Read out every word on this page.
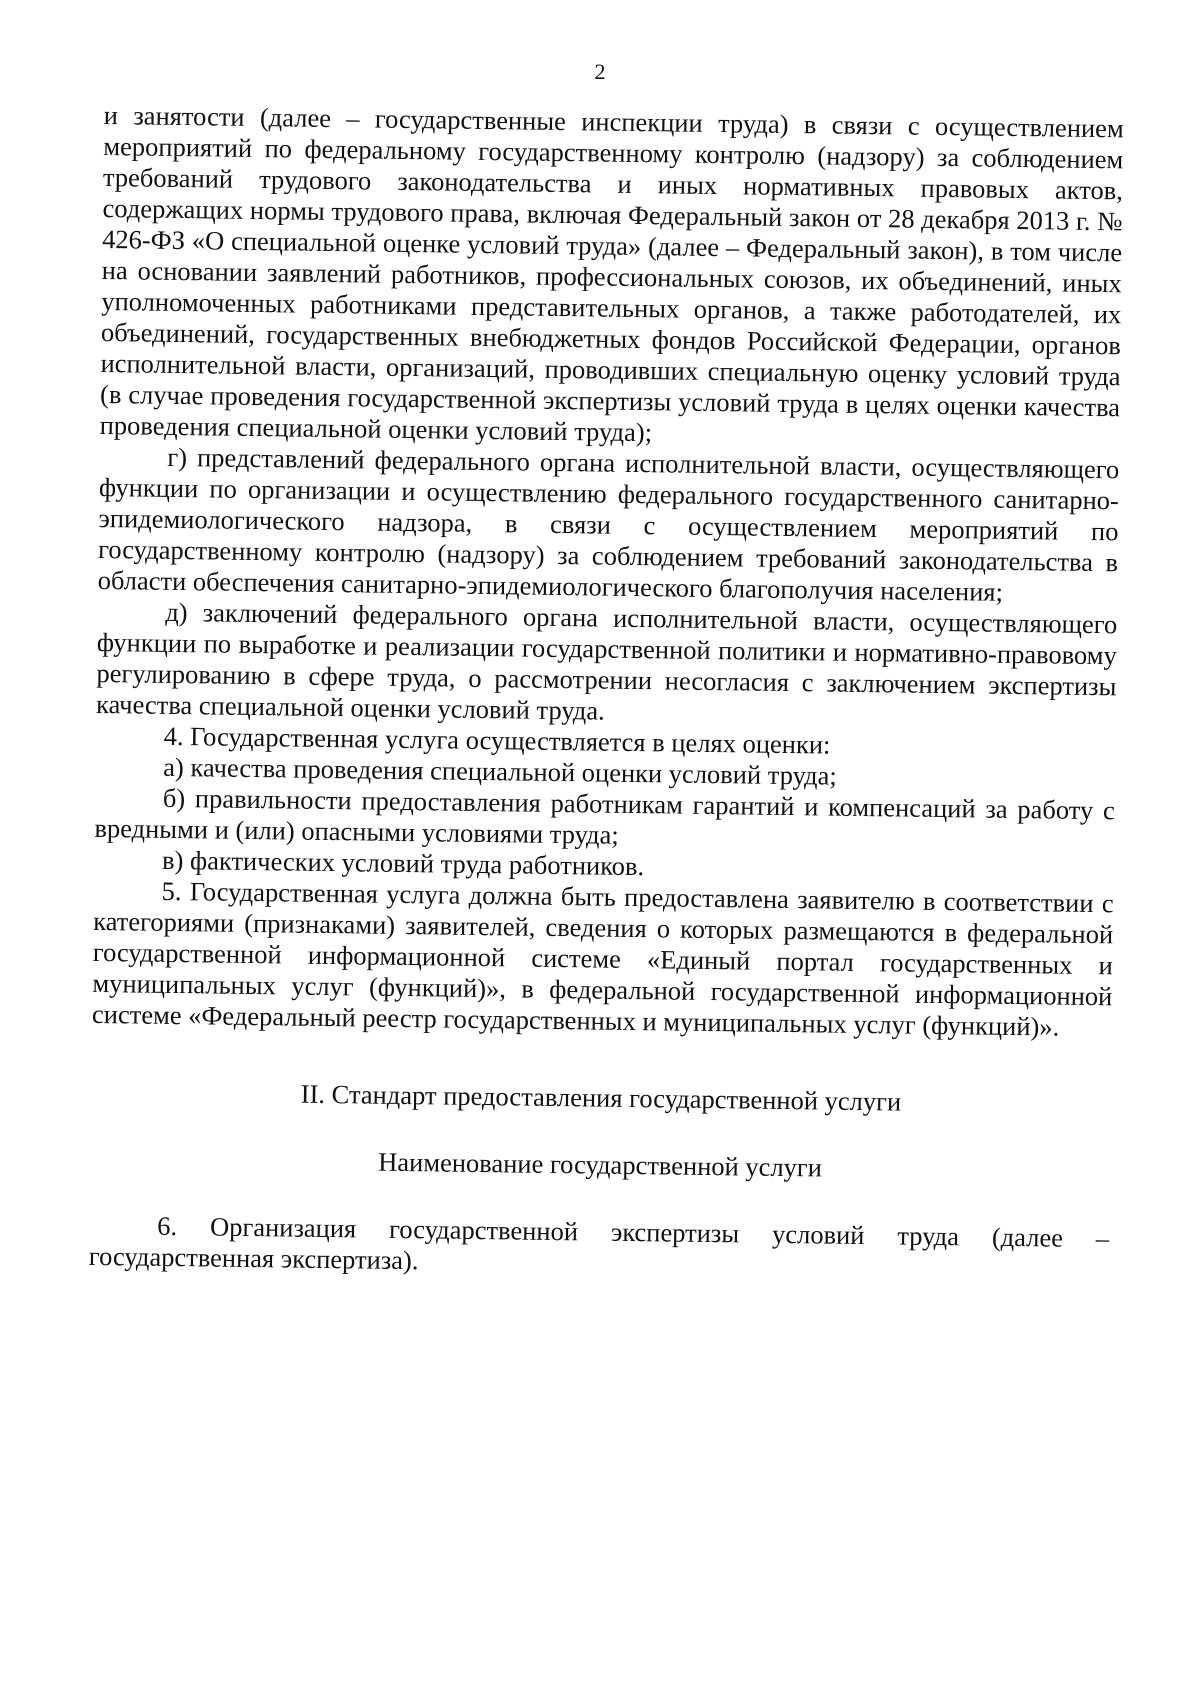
2

и занятости (далее – государственные инспекции труда) в связи с осуществлением мероприятий по федеральному государственному контролю (надзору) за соблюдением требований трудового законодательства и иных нормативных правовых актов, содержащих нормы трудового права, включая Федеральный закон от 28 декабря 2013 г. № 426-ФЗ «О специальной оценке условий труда» (далее – Федеральный закон), в том числе на основании заявлений работников, профессиональных союзов, их объединений, иных уполномоченных работниками представительных органов, а также работодателей, их объединений, государственных внебюджетных фондов Российской Федерации, органов исполнительной власти, организаций, проводивших специальную оценку условий труда (в случае проведения государственной экспертизы условий труда в целях оценки качества проведения специальной оценки условий труда);

г) представлений федерального органа исполнительной власти, осуществляющего функции по организации и осуществлению федерального государственного санитарно-эпидемиологического надзора, в связи с осуществлением мероприятий по государственному контролю (надзору) за соблюдением требований законодательства в области обеспечения санитарно-эпидемиологического благополучия населения;

д) заключений федерального органа исполнительной власти, осуществляющего функции по выработке и реализации государственной политики и нормативно-правовому регулированию в сфере труда, о рассмотрении несогласия с заключением экспертизы качества специальной оценки условий труда.

4. Государственная услуга осуществляется в целях оценки:

а) качества проведения специальной оценки условий труда;

б) правильности предоставления работникам гарантий и компенсаций за работу с вредными и (или) опасными условиями труда;

в) фактических условий труда работников.

5. Государственная услуга должна быть предоставлена заявителю в соответствии с категориями (признаками) заявителей, сведения о которых размещаются в федеральной государственной информационной системе «Единый портал государственных и муниципальных услуг (функций)», в федеральной государственной информационной системе «Федеральный реестр государственных и муниципальных услуг (функций)».

II. Стандарт предоставления государственной услуги
Наименование государственной услуги

6. Организация государственной экспертизы условий труда (далее – государственная экспертиза).
